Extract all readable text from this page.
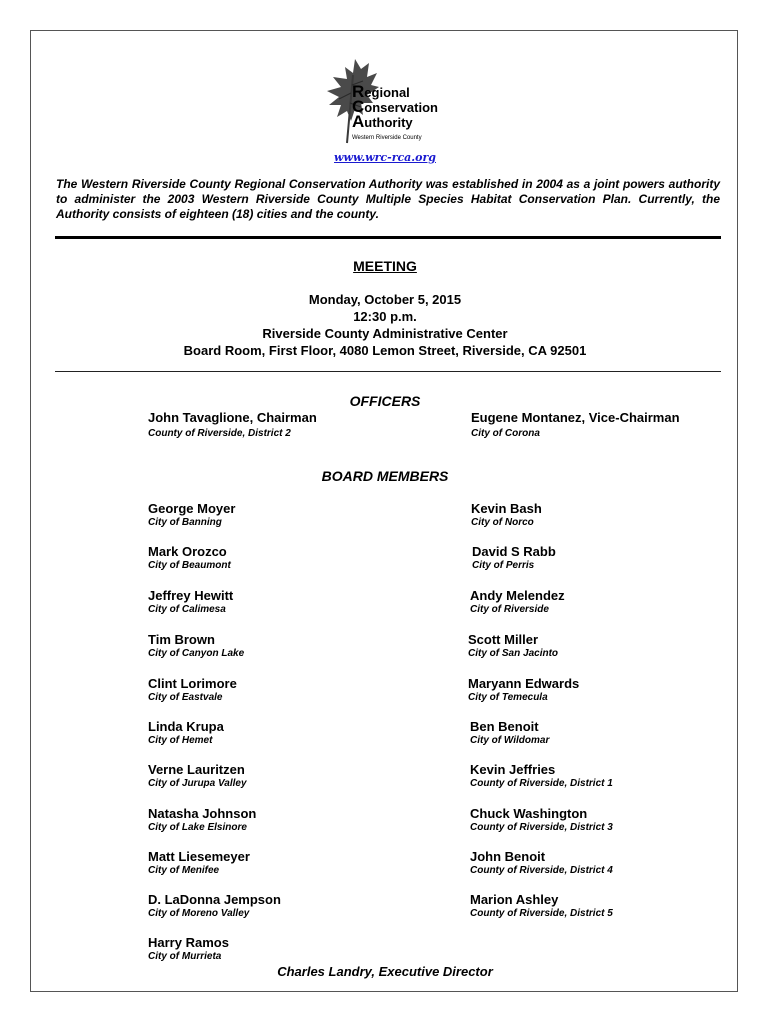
Regional
Conservation
Authority
Western Riverside County
www.wrc-rca.org
The Western Riverside County Regional Conservation Authority was established in 2004 as a joint powers authority to administer the 2003 Western Riverside County Multiple Species Habitat Conservation Plan. Currently, the Authority consists of eighteen (18) cities and the county.
MEETING
Monday, October 5, 2015
12:30 p.m.
Riverside County Administrative Center
Board Room, First Floor, 4080 Lemon Street, Riverside, CA 92501
OFFICERS
John Tavaglione, Chairman
County of Riverside, District 2
Eugene Montanez, Vice-Chairman
City of Corona
BOARD MEMBERS
George Moyer
City of Banning
Mark Orozco
City of Beaumont
Jeffrey Hewitt
City of Calimesa
Tim Brown
City of Canyon Lake
Clint Lorimore
City of Eastvale
Linda Krupa
City of Hemet
Verne Lauritzen
City of Jurupa Valley
Natasha Johnson
City of Lake Elsinore
Matt Liesemeyer
City of Menifee
D. LaDonna Jempson
City of Moreno Valley
Harry Ramos
City of Murrieta
Kevin Bash
City of Norco
David S Rabb
City of Perris
Andy Melendez
City of Riverside
Scott Miller
City of San Jacinto
Maryann Edwards
City of Temecula
Ben Benoit
City of Wildomar
Kevin Jeffries
County of Riverside, District 1
Chuck Washington
County of Riverside, District 3
John Benoit
County of Riverside, District 4
Marion Ashley
County of Riverside, District 5
Charles Landry, Executive Director
